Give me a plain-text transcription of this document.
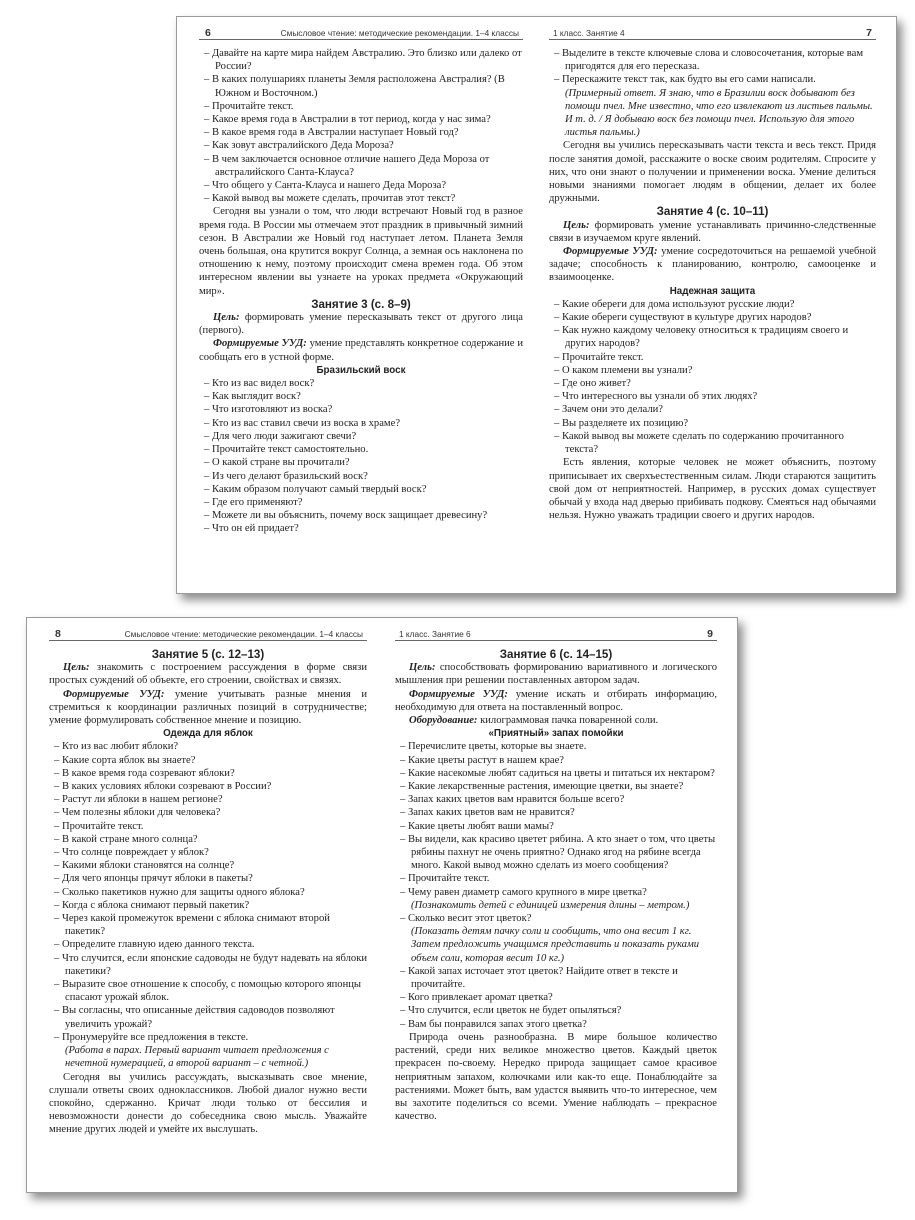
6	Смысловое чтение: методические рекомендации. 1–4 классы

– Давайте на карте мира найдем Австралию. Это близко или далеко от России?

– В каких полушариях планеты Земля расположена Австралия? (В Южном и Восточном.)

– Прочитайте текст.

– Какое время года в Австралии в тот период, когда у нас зима?

– В какое время года в Австралии наступает Новый год?

– Как зовут австралийского Деда Мороза?

– В чем заключается основное отличие нашего Деда Мороза от австралийского Санта-Клауса?

– Что общего у Санта-Клауса и нашего Деда Мороза?

– Какой вывод вы можете сделать, прочитав этот текст?

Сегодня вы узнали о том, что люди встречают Новый год в разное время года. В России мы отмечаем этот праздник в привычный зимний сезон. В Австралии же Новый год наступает летом. Планета Земля очень большая, она крутится вокруг Солнца, а земная ось наклонена по отношению к нему, поэтому происходит смена времен года. Об этом интересном явлении вы узнаете на уроках предмета «Окружающий мир».

Занятие 3 (с. 8–9)

Цель: формировать умение пересказывать текст от другого лица (первого).

Формируемые УУД: умение представлять конкретное содержание и сообщать его в устной форме.

Бразильский воск

– Кто из вас видел воск?

– Как выглядит воск?

– Что изготовляют из воска?

– Кто из вас ставил свечи из воска в храме?

– Для чего люди зажигают свечи?

– Прочитайте текст самостоятельно.

– О какой стране вы прочитали?

– Из чего делают бразильский воск?

– Каким образом получают самый твердый воск?

– Где его применяют?

– Можете ли вы объяснить, почему воск защищает древесину?

– Что он ей придает?

1 класс. Занятие 4	7

– Выделите в тексте ключевые слова и словосочетания, которые вам пригодятся для его пересказа.

– Перескажите текст так, как будто вы его сами написали.

(Примерный ответ. Я знаю, что в Бразилии воск добывают без помощи пчел. Мне известно, что его извлекают из листьев пальмы. И т. д. / Я добываю воск без помощи пчел. Использую для этого листья пальмы.)

Сегодня вы учились пересказывать части текста и весь текст. Придя после занятия домой, расскажите о воске своим родителям. Спросите у них, что они знают о получении и применении воска. Умение делиться новыми знаниями помогает людям в общении, делает их более дружными.

Занятие 4 (с. 10–11)

Цель: формировать умение устанавливать причинно-следственные связи в изучаемом круге явлений.

Формируемые УУД: умение сосредоточиться на решаемой учебной задаче; способность к планированию, контролю, самооценке и взаимооценке.

Надежная защита

– Какие обереги для дома используют русские люди?

– Какие обереги существуют в культуре других народов?

– Как нужно каждому человеку относиться к традициям своего и других народов?

– Прочитайте текст.

– О каком племени вы узнали?

– Где оно живет?

– Что интересного вы узнали об этих людях?

– Зачем они это делали?

– Вы разделяете их позицию?

– Какой вывод вы можете сделать по содержанию прочитанного текста?

Есть явления, которые человек не может объяснить, поэтому приписывает их сверхъестественным силам. Люди стараются защитить свой дом от неприятностей. Например, в русских домах существует обычай у входа над дверью прибивать подкову. Смеяться над обычаями нельзя. Нужно уважать традиции своего и других народов.

8	Смысловое чтение: методические рекомендации. 1–4 классы

Занятие 5 (с. 12–13)

Цель: знакомить с построением рассуждения в форме связи простых суждений об объекте, его строении, свойствах и связях.

Формируемые УУД: умение учитывать разные мнения и стремиться к координации различных позиций в сотрудничестве; умение формулировать собственное мнение и позицию.

Одежда для яблок

– Кто из вас любит яблоки?

– Какие сорта яблок вы знаете?

– В какое время года созревают яблоки?

– В каких условиях яблоки созревают в России?

– Растут ли яблоки в нашем регионе?

– Чем полезны яблоки для человека?

– Прочитайте текст.

– В какой стране много солнца?

– Что солнце повреждает у яблок?

– Какими яблоки становятся на солнце?

– Для чего японцы прячут яблоки в пакеты?

– Сколько пакетиков нужно для защиты одного яблока?

– Когда с яблока снимают первый пакетик?

– Через какой промежуток времени с яблока снимают второй пакетик?

– Определите главную идею данного текста.

– Что случится, если японские садоводы не будут надевать на яблоки пакетики?

– Выразите свое отношение к способу, с помощью которого японцы спасают урожай яблок.

– Вы согласны, что описанные действия садоводов позволяют увеличить урожай?

– Пронумеруйте все предложения в тексте.

(Работа в парах. Первый вариант читает предложения с нечетной нумерацией, а второй вариант – с четной.)

Сегодня вы учились рассуждать, высказывать свое мнение, слушали ответы своих одноклассников. Любой диалог нужно вести спокойно, сдержанно. Кричат люди только от бессилия и невозможности донести до собеседника свою мысль. Уважайте мнение других людей и умейте их выслушать.

1 класс. Занятие 6	9

Занятие 6 (с. 14–15)

Цель: способствовать формированию вариативного и логического мышления при решении поставленных автором задач.

Формируемые УУД: умение искать и отбирать информацию, необходимую для ответа на поставленный вопрос.

Оборудование: килограммовая пачка поваренной соли.

«Приятный» запах помойки

– Перечислите цветы, которые вы знаете.

– Какие цветы растут в нашем крае?

– Какие насекомые любят садиться на цветы и питаться их нектаром?

– Какие лекарственные растения, имеющие цветки, вы знаете?

– Запах каких цветов вам нравится больше всего?

– Запах каких цветов вам не нравится?

– Какие цветы любят ваши мамы?

– Вы видели, как красиво цветет рябина. А кто знает о том, что цветы рябины пахнут не очень приятно? Однако ягод на рябине всегда много. Какой вывод можно сделать из моего сообщения?

– Прочитайте текст.

– Чему равен диаметр самого крупного в мире цветка?

(Познакомить детей с единицей измерения длины – метром.)

– Сколько весит этот цветок?

(Показать детям пачку соли и сообщить, что она весит 1 кг. Затем предложить учащимся представить и показать руками объем соли, которая весит 10 кг.)

– Какой запах источает этот цветок? Найдите ответ в тексте и прочитайте.

– Кого привлекает аромат цветка?

– Что случится, если цветок не будет опыляться?

– Вам бы понравился запах этого цветка?

Природа очень разнообразна. В мире большое количество растений, среди них великое множество цветов. Каждый цветок прекрасен по-своему. Нередко природа защищает самое красивое неприятным запахом, колючками или как-то еще. Понаблюдайте за растениями. Может быть, вам удастся выявить что-то интересное, чем вы захотите поделиться со всеми. Умение наблюдать – прекрасное качество.
